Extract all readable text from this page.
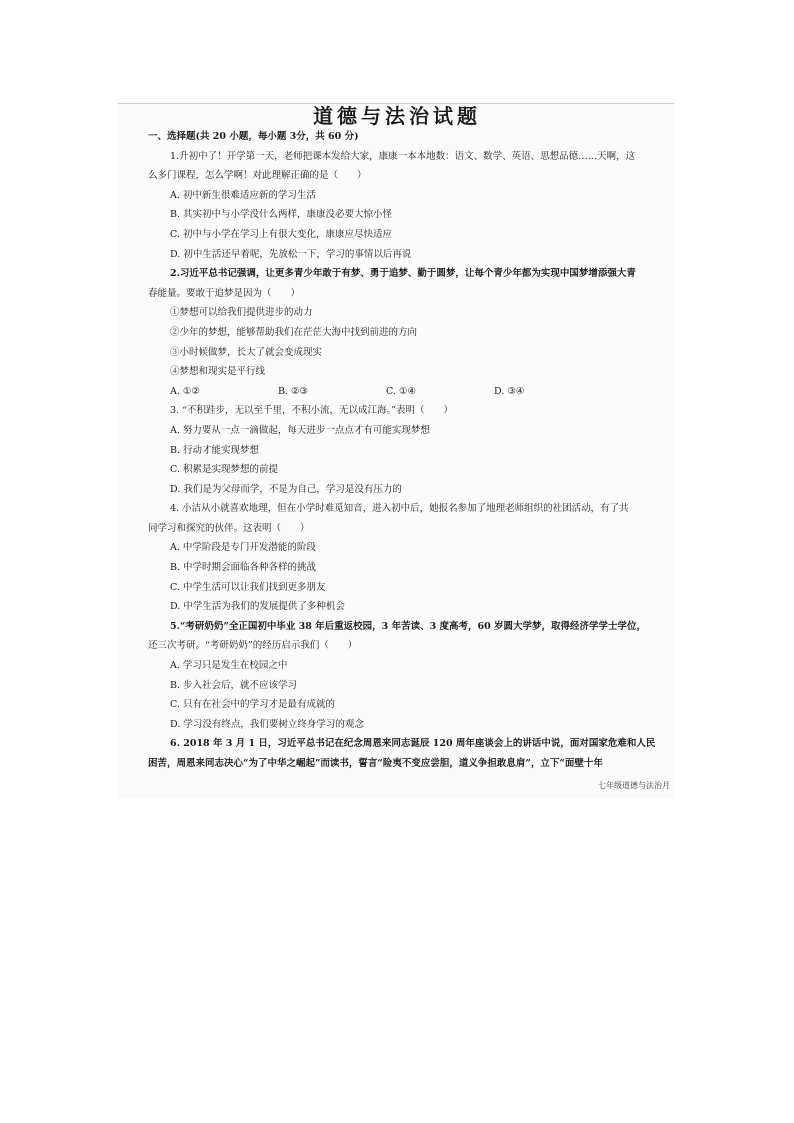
道德与法治试题
一、选择题(共 20 小题，每小题 3分，共 60 分)
1.升初中了！开学第一天，老师把课本发给大家，康康一本本地数：语文、数学、英语、思想品德……天啊，这
么多门课程，怎么学啊！对此理解正确的是（　　）
A. 初中新生很难适应新的学习生活
B. 其实初中与小学没什么两样，康康没必要大惊小怪
C. 初中与小学在学习上有很大变化，康康应尽快适应
D. 初中生活还早着呢，先放松一下，学习的事情以后再说
2.习近平总书记强调，让更多青少年敢于有梦、勇于追梦、勤于圆梦，让每个青少年都为实现中国梦增添强大青
春能量。要敢于追梦是因为（　　）
①梦想可以给我们提供进步的动力
②少年的梦想，能够帮助我们在茫茫大海中找到前进的方向
③小时候做梦，长大了就会变成现实
④梦想和现实是平行线
A. ①②	B. ②③	C. ①④	D. ③④
3. “不积跬步，无以至千里，不积小流，无以成江海。”表明（　　）
A. 努力要从一点一滴做起，每天进步一点点才有可能实现梦想
B. 行动才能实现梦想
C. 积累是实现梦想的前提
D. 我们是为父母而学，不是为自己，学习是没有压力的
4. 小洁从小就喜欢地理，但在小学时难觅知音，进入初中后，她报名参加了地理老师组织的社团活动，有了共
同学习和探究的伙伴。这表明（　　）
A. 中学阶段是专门开发潜能的阶段
B. 中学时期会面临各种各样的挑战
C. 中学生活可以让我们找到更多朋友
D. 中学生活为我们的发展提供了多种机会
5.“考研奶奶”全正国初中毕业 38 年后重返校园，3 年苦读、3 度高考，60 岁圆大学梦，取得经济学学士学位，
还三次考研。“考研奶奶”的经历启示我们（　　）
A. 学习只是发生在校园之中
B. 步入社会后，就不应该学习
C. 只有在社会中的学习才是最有成就的
D. 学习没有终点，我们要树立终身学习的观念
6. 2018 年 3 月 1 日，习近平总书记在纪念周恩来同志诞辰 120 周年座谈会上的讲话中说，面对国家危难和人民
困苦，周恩来同志决心“为了中华之崛起”而读书，誓言“险夷不变应尝胆，道义争担敢息肩”，立下“面壁十年
七年级道德与法治月
